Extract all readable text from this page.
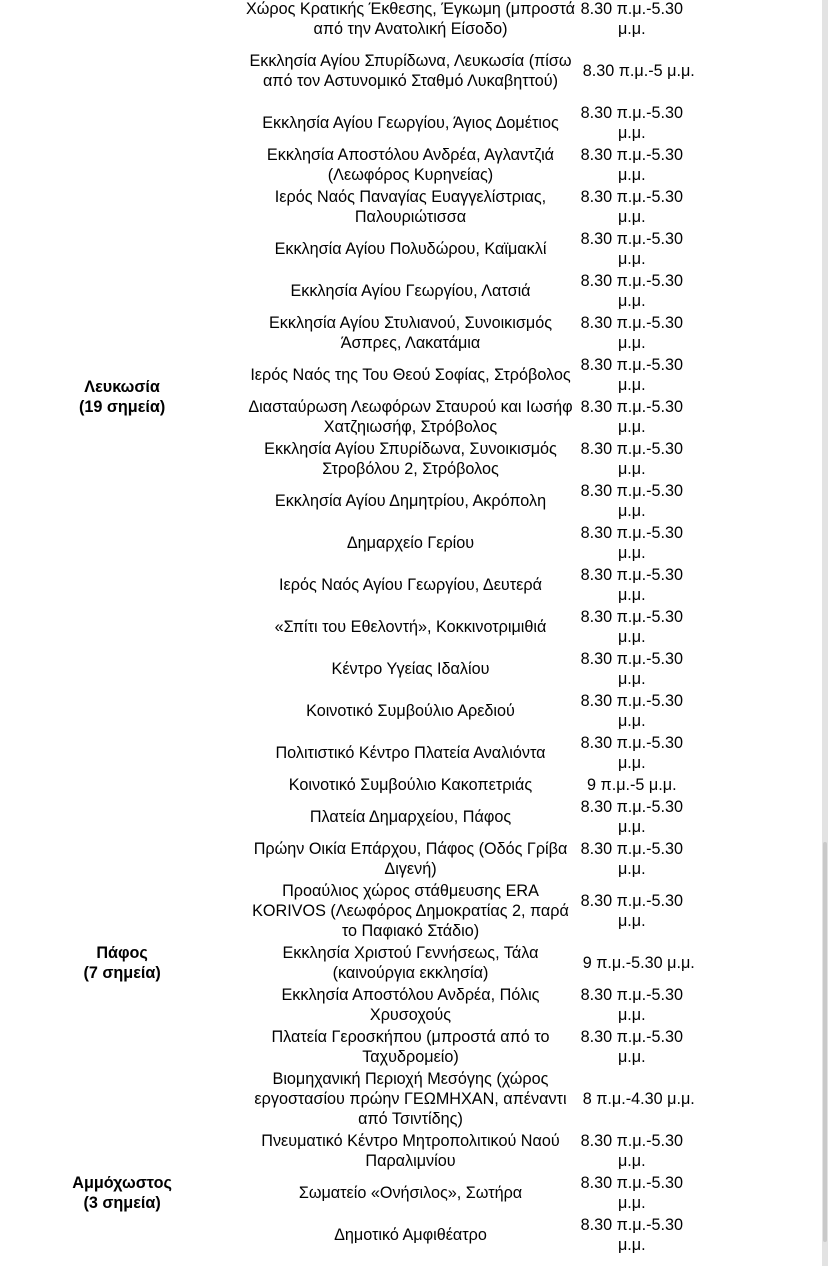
Λευκωσία
(19 σημεία)	Χώρος Κρατικής Έκθεσης, Έγκωμη (μπροστά από την Ανατολική Είσοδο)	8.30 π.μ.-5.30 μ.μ.
	Εκκλησία Αγίου Σπυρίδωνα, Λευκωσία (πίσω από τον Αστυνομικό Σταθμό Λυκαβηττού)	8.30 π.μ.-5 μ.μ.
	Εκκλησία Αγίου Γεωργίου, Άγιος Δομέτιος	8.30 π.μ.-5.30 μ.μ.
	Εκκλησία Αποστόλου Ανδρέα, Αγλαντζιά (Λεωφόρος Κυρηνείας)	8.30 π.μ.-5.30 μ.μ.
	Ιερός Ναός Παναγίας Ευαγγελίστριας, Παλουριώτισσα	8.30 π.μ.-5.30 μ.μ.
	Εκκλησία Αγίου Πολυδώρου, Καϊμακλί	8.30 π.μ.-5.30 μ.μ.
	Εκκλησία Αγίου Γεωργίου, Λατσιά	8.30 π.μ.-5.30 μ.μ.
	Εκκλησία Αγίου Στυλιανού, Συνοικισμός Άσπρες, Λακατάμια	8.30 π.μ.-5.30 μ.μ.
	Ιερός Ναός της Του Θεού Σοφίας, Στρόβολος	8.30 π.μ.-5.30 μ.μ.
	Διασταύρωση Λεωφόρων Σταυρού και Ιωσήφ Χατζηιωσήφ, Στρόβολος	8.30 π.μ.-5.30 μ.μ.
	Εκκλησία Αγίου Σπυρίδωνα, Συνοικισμός Στροβόλου 2, Στρόβολος	8.30 π.μ.-5.30 μ.μ.
	Εκκλησία Αγίου Δημητρίου, Ακρόπολη	8.30 π.μ.-5.30 μ.μ.
	Δημαρχείο Γερίου	8.30 π.μ.-5.30 μ.μ.
	Ιερός Ναός Αγίου Γεωργίου, Δευτερά	8.30 π.μ.-5.30 μ.μ.
	«Σπίτι του Εθελοντή», Κοκκινοτριμιθιά	8.30 π.μ.-5.30 μ.μ.
	Κέντρο Υγείας Ιδαλίου	8.30 π.μ.-5.30 μ.μ.
	Κοινοτικό Συμβούλιο Αρεδιού	8.30 π.μ.-5.30 μ.μ.
	Πολιτιστικό Κέντρο Πλατεία Αναλιόντα	8.30 π.μ.-5.30 μ.μ.
	Κοινοτικό Συμβούλιο Κακοπετριάς	9 π.μ.-5 μ.μ.

Πάφος
(7 σημεία)	Πλατεία Δημαρχείου, Πάφος	8.30 π.μ.-5.30 μ.μ.
	Πρώην Οικία Επάρχου, Πάφος (Οδός Γρίβα Διγενή)	8.30 π.μ.-5.30 μ.μ.
	Προαύλιος χώρος στάθμευσης ERA KORIVOS (Λεωφόρος Δημοκρατίας 2, παρά το Παφιακό Στάδιο)	8.30 π.μ.-5.30 μ.μ.
	Εκκλησία Χριστού Γεννήσεως, Τάλα (καινούργια εκκλησία)	9 π.μ.-5.30 μ.μ.
	Εκκλησία Αποστόλου Ανδρέα, Πόλις Χρυσοχούς	8.30 π.μ.-5.30 μ.μ.
	Πλατεία Γεροσκήπου (μπροστά από το Ταχυδρομείο)	8.30 π.μ.-5.30 μ.μ.
	Βιομηχανική Περιοχή Μεσόγης (χώρος εργοστασίου πρώην ΓΕΩΜΗΧΑΝ, απέναντι από Τσιντίδης)	8 π.μ.-4.30 μ.μ.

Αμμόχωστος
(3 σημεία)	Πνευματικό Κέντρο Μητροπολιτικού Ναού Παραλιμνίου	8.30 π.μ.-5.30 μ.μ.
	Σωματείο «Ονήσιλος», Σωτήρα	8.30 π.μ.-5.30 μ.μ.
	Δημοτικό Αμφιθέατρο	8.30 π.μ.-5.30 μ.μ.
